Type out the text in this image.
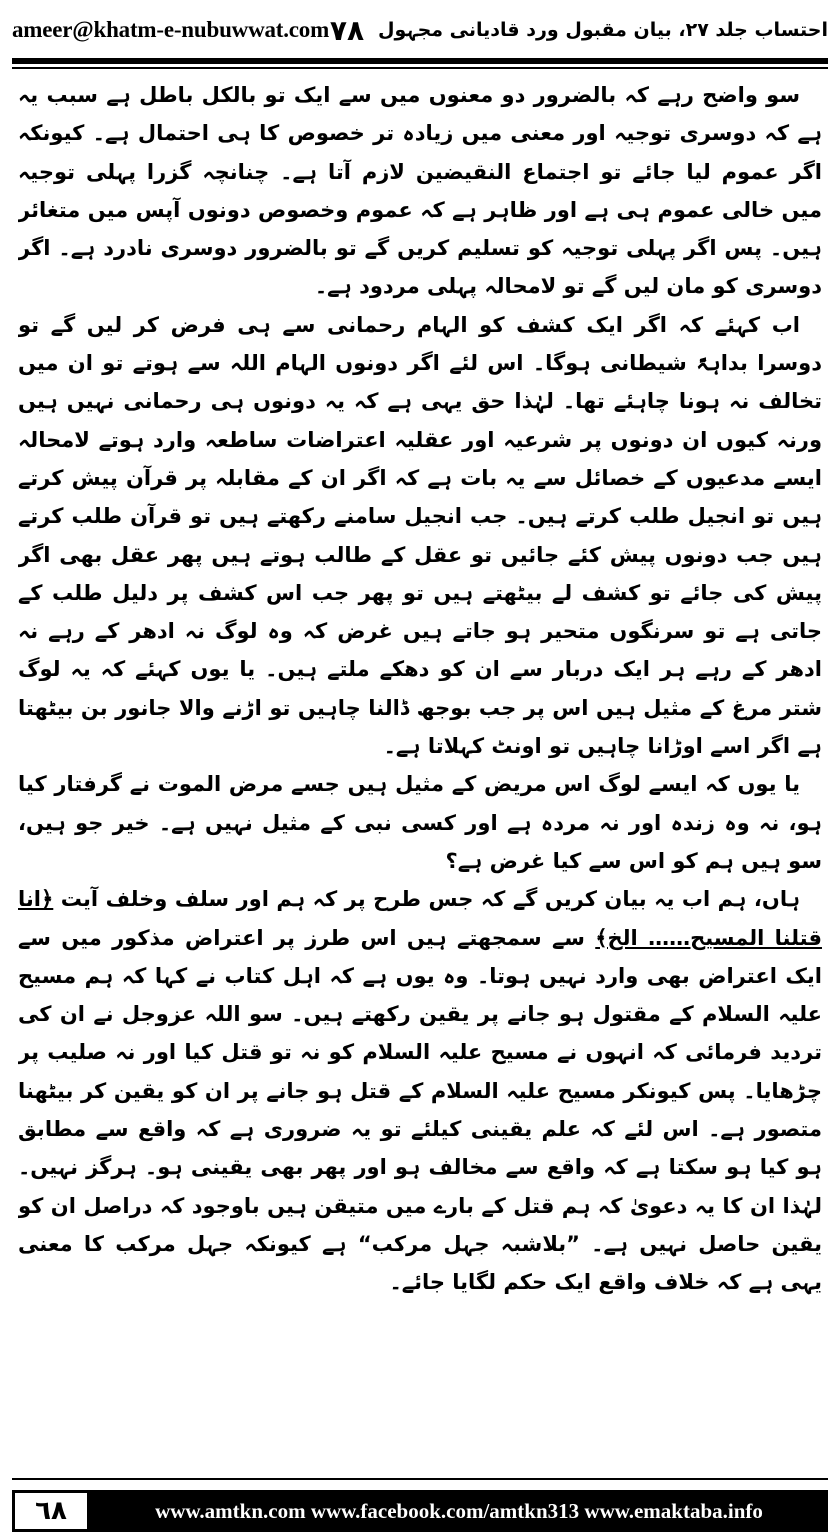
ameer@khatm-e-nubuwwat.com	احتساب جلد ۲۷، بیان مقبول ورد قادیانی مجہول
۷۸

سو واضح رہے کہ بالضرور دو معنوں میں سے ایک تو بالکل باطل ہے سبب یہ ہے کہ دوسری توجیہ اور معنی میں زیادہ تر خصوص کا ہی احتمال ہے۔ کیونکہ اگر عموم لیا جائے تو اجتماع النقیضین لازم آتا ہے۔ چنانچہ گزرا پہلی توجیہ میں خالی عموم ہی ہے اور ظاہر ہے کہ عموم وخصوص دونوں آپس میں متغائر ہیں۔ پس اگر پہلی توجیہ کو تسلیم کریں گے تو بالضرور دوسری نادرد ہے۔ اگر دوسری کو مان لیں گے تو لامحالہ پہلی مردود ہے۔

اب کہئے کہ اگر ایک کشف کو الہام رحمانی سے ہی فرض کر لیں گے تو دوسرا بداہۃً شیطانی ہوگا۔ اس لئے اگر دونوں الہام اللہ سے ہوتے تو ان میں تخالف نہ ہونا چاہئے تھا۔ لہٰذا حق یہی ہے کہ یہ دونوں ہی رحمانی نہیں ہیں ورنہ کیوں ان دونوں پر شرعیہ اور عقلیہ اعتراضات ساطعہ وارد ہوتے لامحالہ ایسے مدعیوں کے خصائل سے یہ بات ہے کہ اگر ان کے مقابلہ پر قرآن پیش کرتے ہیں تو انجیل طلب کرتے ہیں۔ جب انجیل سامنے رکھتے ہیں تو قرآن طلب کرتے ہیں جب دونوں پیش کئے جائیں تو عقل کے طالب ہوتے ہیں پھر عقل بھی اگر پیش کی جائے تو کشف لے بیٹھتے ہیں تو پھر جب اس کشف پر دلیل طلب کے جاتی ہے تو سرنگوں متحیر ہو جاتے ہیں غرض کہ وہ لوگ نہ ادھر کے رہے نہ ادھر کے رہے ہر ایک دربار سے ان کو دھکے ملتے ہیں۔ یا یوں کہئے کہ یہ لوگ شتر مرغ کے مثیل ہیں اس پر جب بوجھ ڈالنا چاہیں تو اڑنے والا جانور بن بیٹھتا ہے اگر اسے اوڑانا چاہیں تو اونٹ کہلاتا ہے۔

یا یوں کہ ایسے لوگ اس مریض کے مثیل ہیں جسے مرض الموت نے گرفتار کیا ہو، نہ وہ زندہ اور نہ مردہ ہے اور کسی نبی کے مثیل نہیں ہے۔ خیر جو ہیں، سو ہیں ہم کو اس سے کیا غرض ہے؟

ہاں، ہم اب یہ بیان کریں گے کہ جس طرح پر کہ ہم اور سلف وخلف آیت ﴿انا قتلنا المسیح…… الخ﴾ سے سمجھتے ہیں اس طرز پر اعتراض مذکور میں سے ایک اعتراض بھی وارد نہیں ہوتا۔ وہ یوں ہے کہ اہل کتاب نے کہا کہ ہم مسیح علیہ السلام کے مقتول ہو جانے پر یقین رکھتے ہیں۔ سو اللہ عزوجل نے ان کی تردید فرمائی کہ انہوں نے مسیح علیہ السلام کو نہ تو قتل کیا اور نہ صلیب پر چڑھایا۔ پس کیونکر مسیح علیہ السلام کے قتل ہو جانے پر ان کو یقین کر بیٹھنا متصور ہے۔ اس لئے کہ علم یقینی کیلئے تو یہ ضروری ہے کہ واقع سے مطابق ہو کیا ہو سکتا ہے کہ واقع سے مخالف ہو اور پھر بھی یقینی ہو۔ ہرگز نہیں۔ لہٰذا ان کا یہ دعویٰ کہ ہم قتل کے بارے میں متیقن ہیں باوجود کہ دراصل ان کو یقین حاصل نہیں ہے۔ ”بلاشبہ جہل مرکب“ ہے کیونکہ جہل مرکب کا معنی یہی ہے کہ خلاف واقع ایک حکم لگایا جائے۔

٦٨	www.amtkn.com www.facebook.com/amtkn313 www.emaktaba.info
